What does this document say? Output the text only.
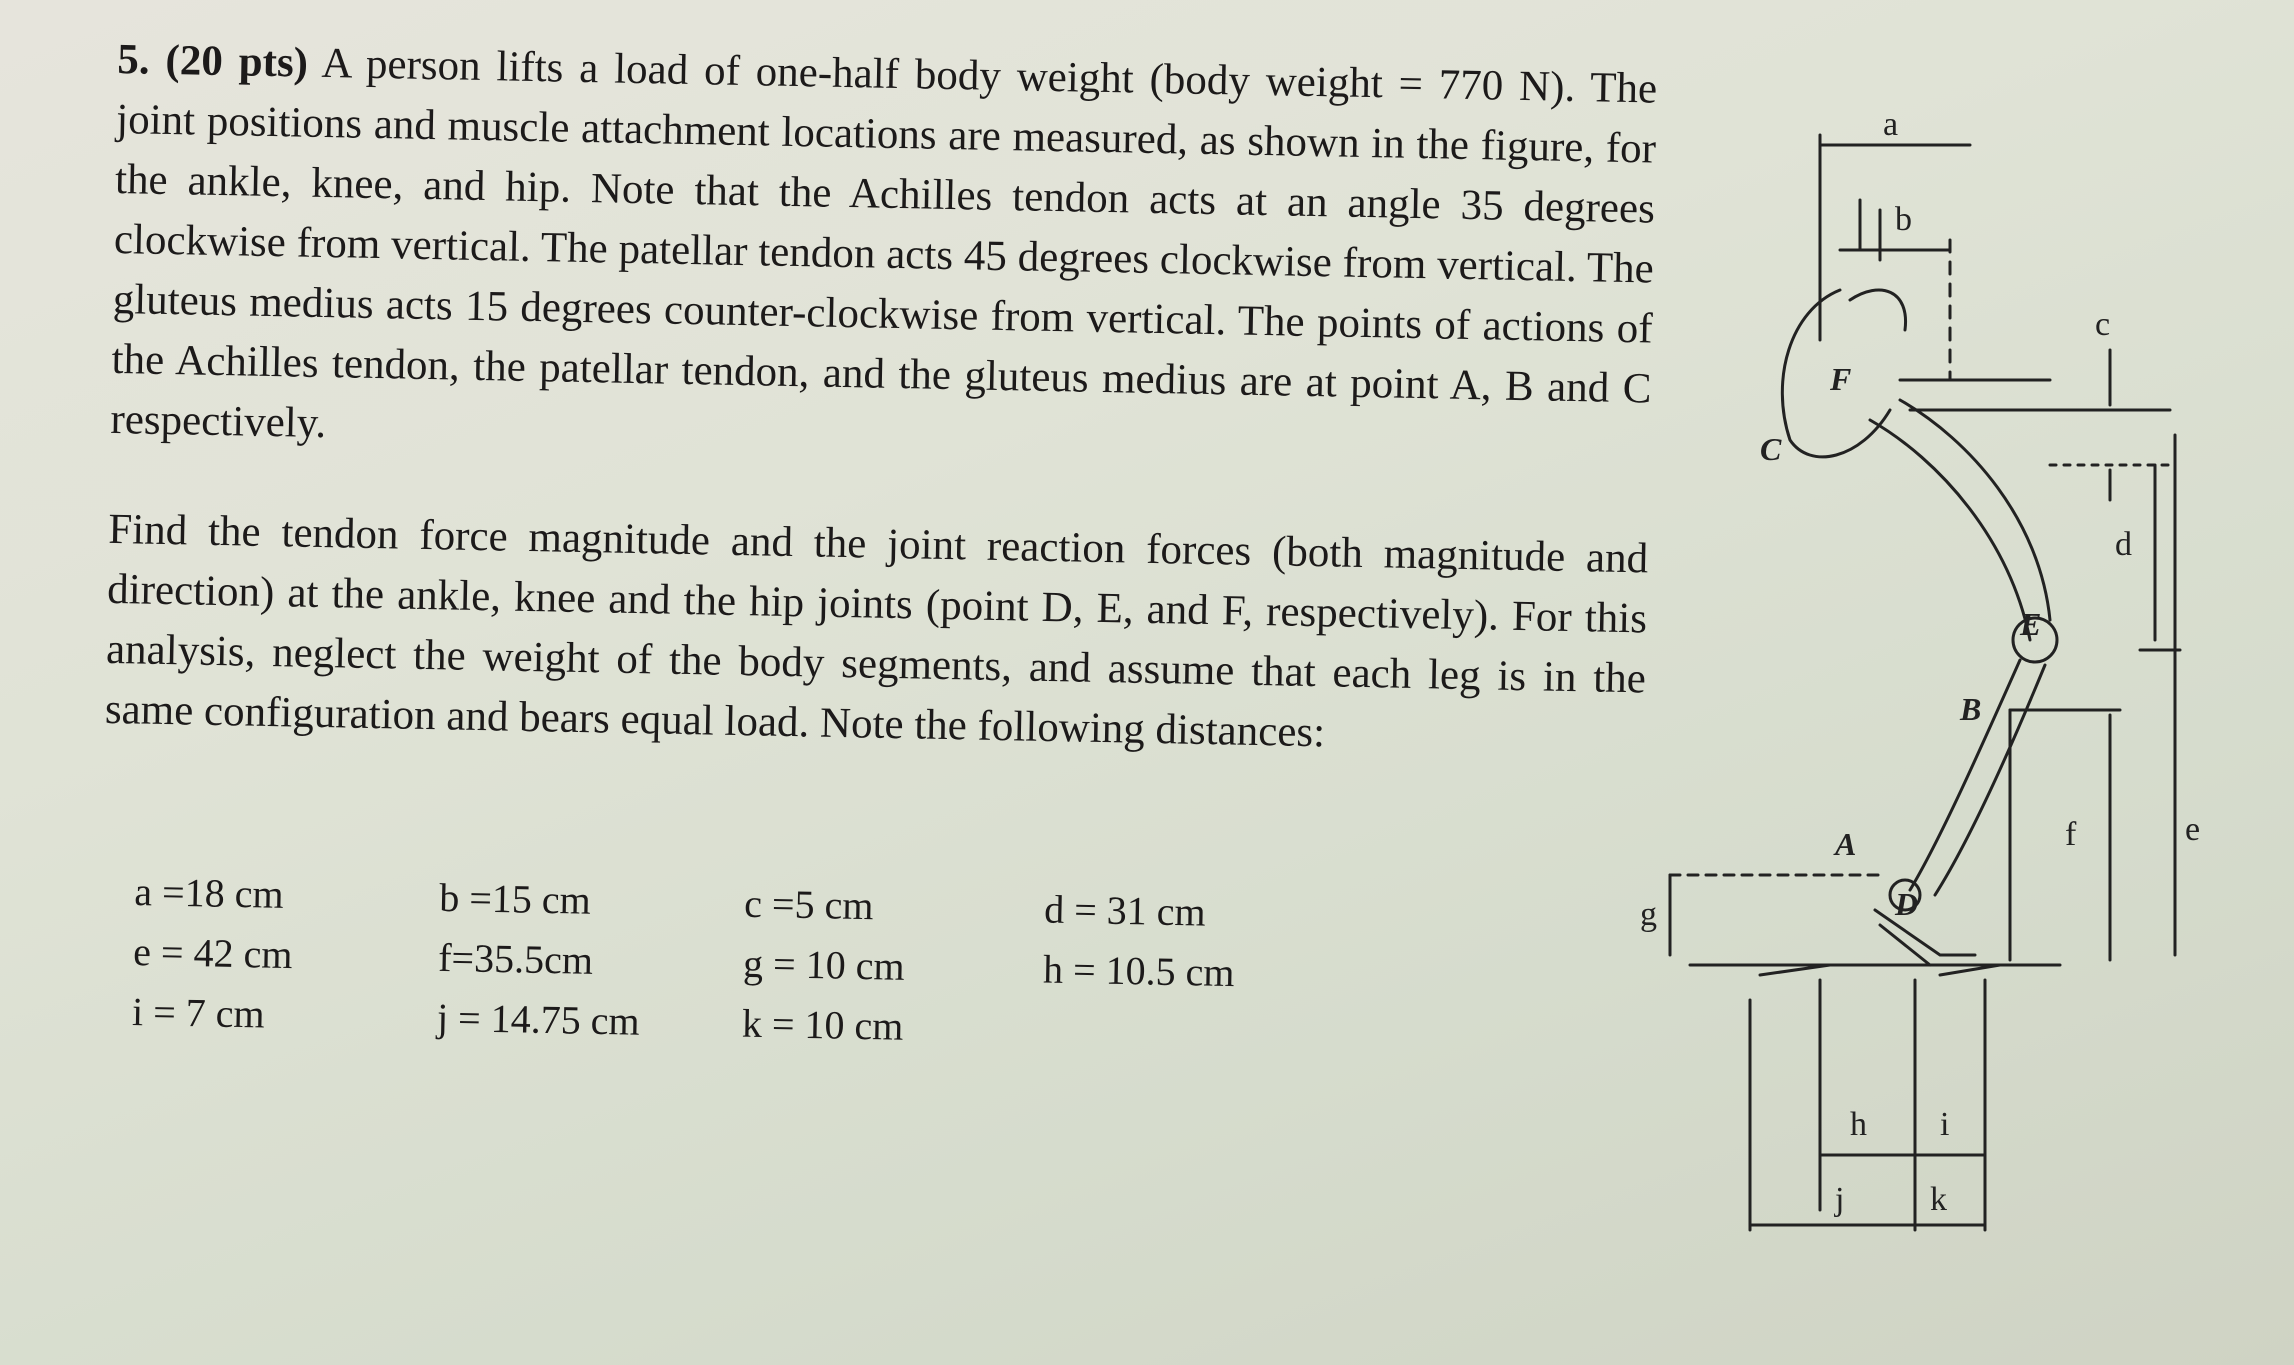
5. (20 pts) A person lifts a load of one-half body weight (body weight = 770 N). The joint positions and muscle attachment locations are measured, as shown in the figure, for the ankle, knee, and hip. Note that the Achilles tendon acts at an angle 35 degrees clockwise from vertical. The patellar tendon acts 45 degrees clockwise from vertical. The gluteus medius acts 15 degrees counter-clockwise from vertical. The points of actions of the Achilles tendon, the patellar tendon, and the gluteus medius are at point A, B and C respectively.

Find the tendon force magnitude and the joint reaction forces (both magnitude and direction) at the ankle, knee and the hip joints (point D, E, and F, respectively). For this analysis, neglect the weight of the body segments, and assume that each leg is in the same configuration and bears equal load. Note the following distances:

a =18 cm	b =15 cm	c =5 cm	d = 31 cm
e = 42 cm	f=35.5cm	g = 10 cm	h = 10.5 cm
i = 7 cm	j = 14.75 cm	k = 10 cm
a
b
c
d
e
f
g
h i
j	k
A
B
C
D
E
F
